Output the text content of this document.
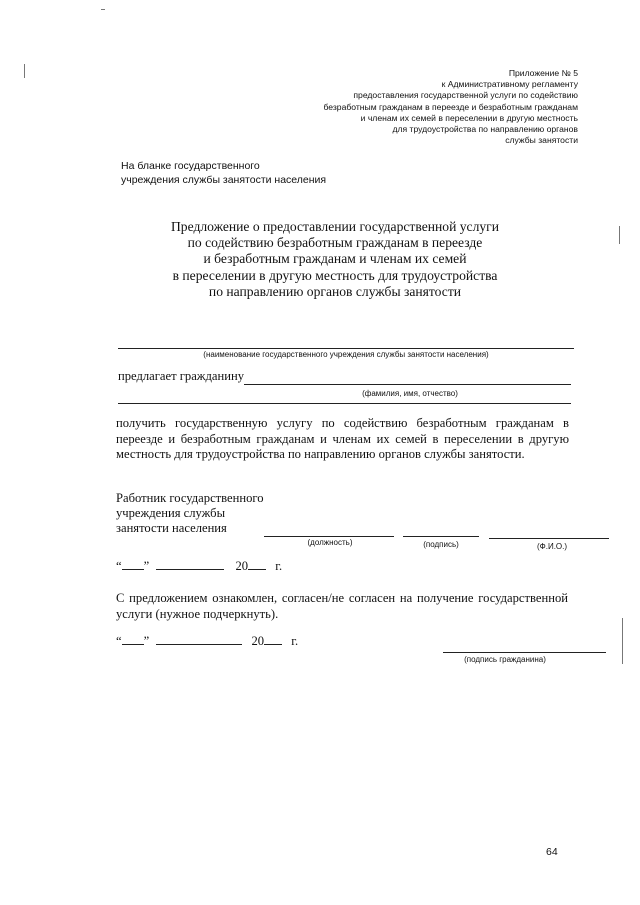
Приложение № 5
к Административному регламенту
предоставления государственной услуги по содействию
безработным гражданам в переезде и безработным гражданам
и членам их семей в переселении в другую местность
для трудоустройства по направлению органов
службы занятости
На бланке государственного
учреждения службы занятости населения
Предложение о предоставлении государственной услуги
по содействию безработным гражданам в переезде
и безработным гражданам и членам их семей
в переселении в другую местность для трудоустройства
по направлению органов службы занятости
(наименование государственного учреждения службы занятости населения)
предлагает гражданину
(фамилия, имя, отчество)
получить государственную услугу по содействию безработным гражданам в переезде и безработным гражданам и членам их семей в переселении в другую местность для трудоустройства по направлению органов службы занятости.
Работник государственного
учреждения службы
занятости населения
(должность)	(подпись)	(Ф.И.О.)
“ ”	20 г.
С предложением ознакомлен, согласен/не согласен на получение государственной услуги (нужное подчеркнуть).
“ ”	20 г.
(подпись гражданина)
64
